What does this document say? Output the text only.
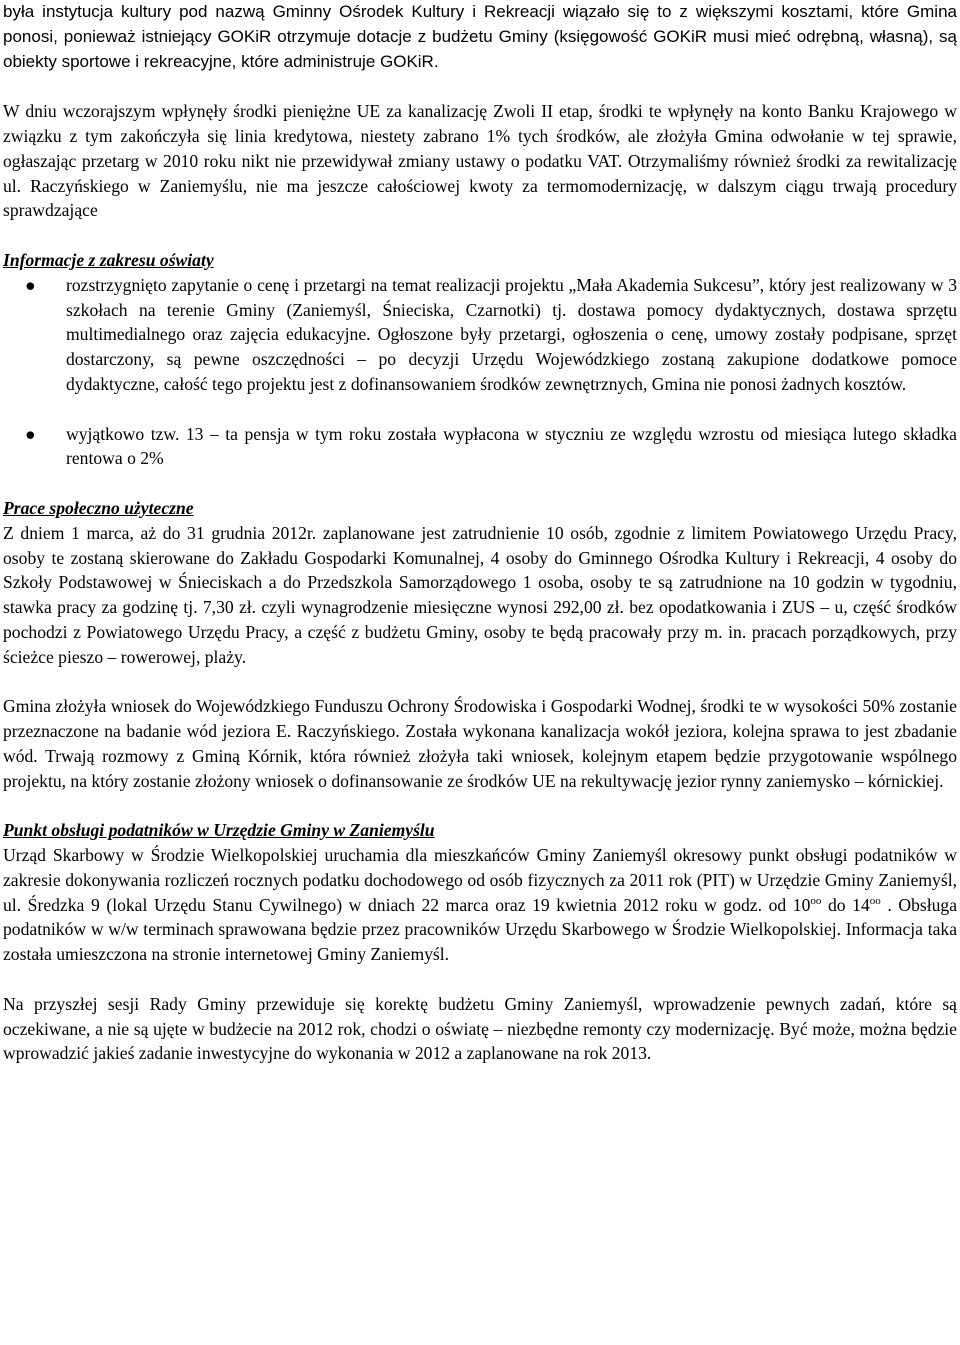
była instytucja kultury pod nazwą Gminny Ośrodek Kultury i Rekreacji wiązało się to z większymi kosztami, które Gmina ponosi, ponieważ istniejący GOKiR otrzymuje dotacje z budżetu Gminy (księgowość GOKiR musi mieć odrębną, własną), są obiekty sportowe i rekreacyjne, które administruje GOKiR.

W dniu wczorajszym wpłynęły środki pieniężne UE za kanalizację Zwoli II etap, środki te wpłynęły na konto Banku Krajowego w związku z tym zakończyła się linia kredytowa, niestety zabrano 1% tych środków, ale złożyła Gmina odwołanie w tej sprawie, ogłaszając przetarg w 2010 roku nikt nie przewidywał zmiany ustawy o podatku VAT. Otrzymaliśmy również środki za rewitalizację ul. Raczyńskiego w Zaniemyślu, nie ma jeszcze całościowej kwoty za termomodernizację, w dalszym ciągu trwają procedury sprawdzające

Informacje z zakresu oświaty

● rozstrzygnięto zapytanie o cenę i przetargi na temat realizacji projektu „Mała Akademia Sukcesu”, który jest realizowany w 3 szkołach na terenie Gminy (Zaniemyśl, Śnieciska, Czarnotki) tj. dostawa pomocy dydaktycznych, dostawa sprzętu multimedialnego oraz zajęcia edukacyjne. Ogłoszone były przetargi, ogłoszenia o cenę, umowy zostały podpisane, sprzęt dostarczony, są pewne oszczędności – po decyzji Urzędu Wojewódzkiego zostaną zakupione dodatkowe pomoce dydaktyczne, całość tego projektu jest z dofinansowaniem środków zewnętrznych, Gmina nie ponosi żadnych kosztów.
● wyjątkowo tzw. 13 – ta pensja w tym roku została wypłacona w styczniu ze względu wzrostu od miesiąca lutego składka rentowa o 2%

Prace społeczno użyteczne

Z dniem 1 marca, aż do 31 grudnia 2012r. zaplanowane jest zatrudnienie 10 osób, zgodnie z limitem Powiatowego Urzędu Pracy, osoby te zostaną skierowane do Zakładu Gospodarki Komunalnej, 4 osoby do Gminnego Ośrodka Kultury i Rekreacji, 4 osoby do Szkoły Podstawowej w Śnieciskach a do Przedszkola Samorządowego 1 osoba, osoby te są zatrudnione na 10 godzin w tygodniu, stawka pracy za godzinę tj. 7,30 zł. czyli wynagrodzenie miesięczne wynosi 292,00 zł. bez opodatkowania i ZUS – u, część środków pochodzi z Powiatowego Urzędu Pracy, a część z budżetu Gminy, osoby te będą pracowały przy m. in. pracach porządkowych, przy ścieżce pieszo – rowerowej, plaży.

Gmina złożyła wniosek do Wojewódzkiego Funduszu Ochrony Środowiska i Gospodarki Wodnej, środki te w wysokości 50% zostanie przeznaczone na badanie wód jeziora E. Raczyńskiego. Została wykonana kanalizacja wokół jeziora, kolejna sprawa to jest zbadanie wód. Trwają rozmowy z Gminą Kórnik, która również złożyła taki wniosek, kolejnym etapem będzie przygotowanie wspólnego projektu, na który zostanie złożony wniosek o dofinansowanie ze środków UE na rekultywację jezior rynny zaniemysko – kórnickiej.

Punkt obsługi podatników w Urzędzie Gminy w Zaniemyślu

Urząd Skarbowy w Środzie Wielkopolskiej uruchamia dla mieszkańców Gminy Zaniemyśl okresowy punkt obsługi podatników w zakresie dokonywania rozliczeń rocznych podatku dochodowego od osób fizycznych za 2011 rok (PIT) w Urzędzie Gminy Zaniemyśl, ul. Średzka 9 (lokal Urzędu Stanu Cywilnego) w dniach 22 marca oraz 19 kwietnia 2012 roku w godz. od $10^{oo}$ do $14^{oo}$ . Obsługa podatników w w/w terminach sprawowana będzie przez pracowników Urzędu Skarbowego w Środzie Wielkopolskiej. Informacja taka została umieszczona na stronie internetowej Gminy Zaniemyśl.

Na przyszłej sesji Rady Gminy przewiduje się korektę budżetu Gminy Zaniemyśl, wprowadzenie pewnych zadań, które są oczekiwane, a nie są ujęte w budżecie na 2012 rok, chodzi o oświatę – niezbędne remonty czy modernizację. Być może, można będzie wprowadzić jakieś zadanie inwestycyjne do wykonania w 2012 a zaplanowane na rok 2013.
